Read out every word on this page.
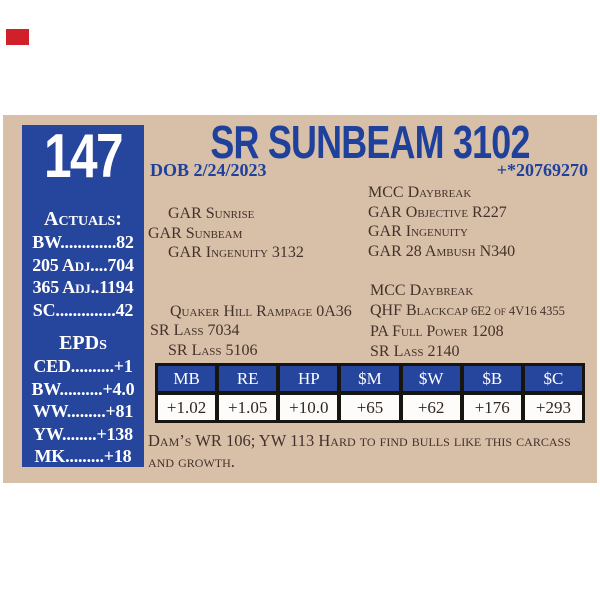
147
Actuals:
BW.............82
205 Adj....704
365 Adj..1194
SC..............42
EPDs
CED..........+1
BW..........+4.0
WW.........+81
YW........+138
MK.........+18
SR SUNBEAM 3102
DOB 2/24/2023	+*20769270
MCC Daybreak
GAR Objective R227
GAR Ingenuity
GAR 28 Ambush N340
GAR Sunrise
GAR Sunbeam
GAR Ingenuity 3132
MCC Daybreak
QHF Blackcap 6E2 of 4V16 4355
PA Full Power 1208
SR Lass 2140
Quaker Hill Rampage 0A36
SR Lass 7034
SR Lass 5106
MB	RE	HP	$M	$W	$B	$C
+1.02	+1.05	+10.0	+65	+62	+176	+293
Dam’s WR 106; YW 113 Hard to find bulls like this carcass and growth.
